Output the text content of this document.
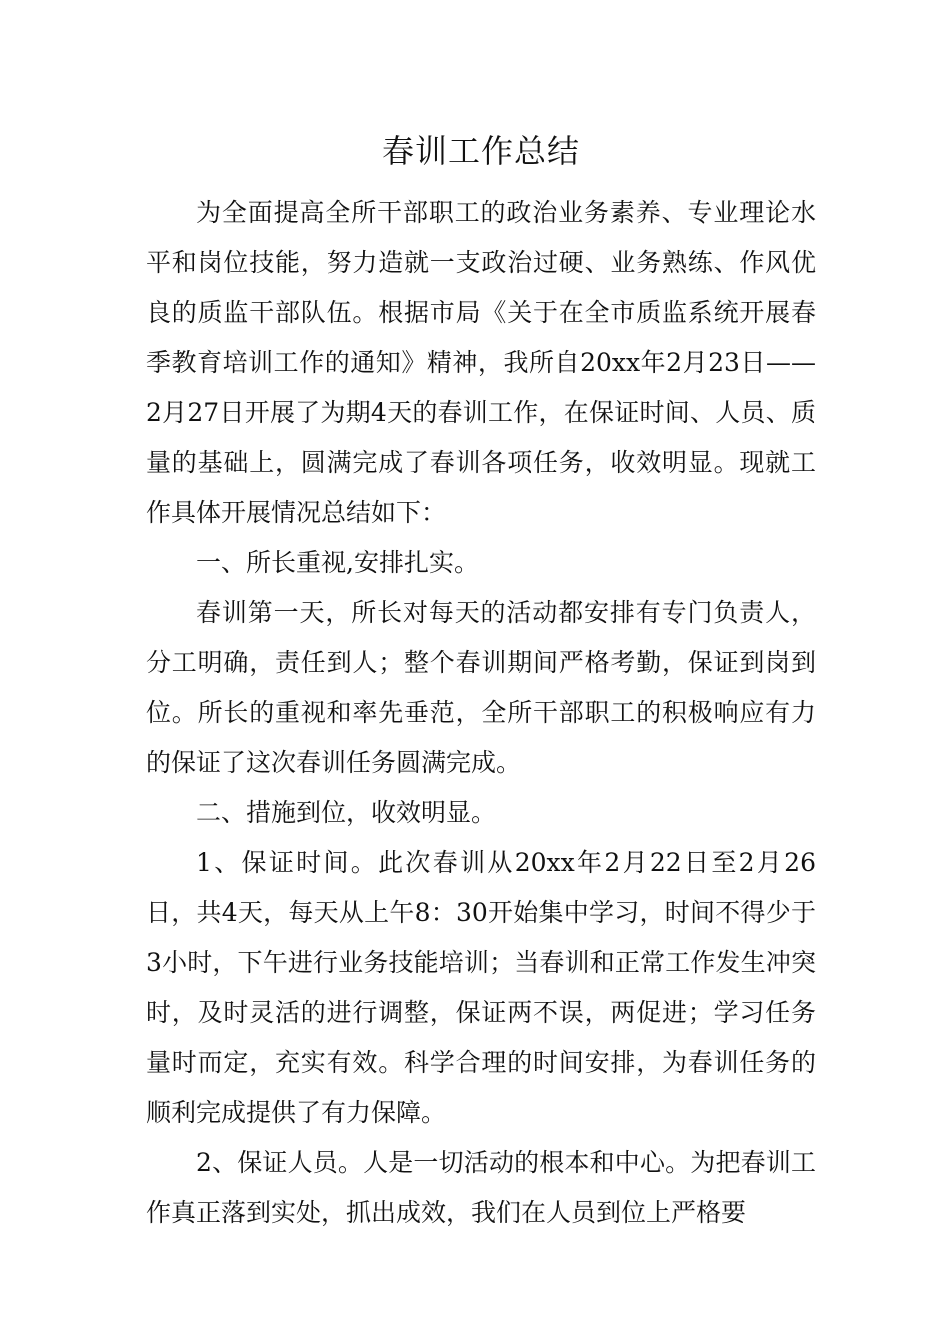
春训工作总结

为全面提高全所干部职工的政治业务素养、专业理论水平和岗位技能，努力造就一支政治过硬、业务熟练、作风优良的质监干部队伍。根据市局《关于在全市质监系统开展春季教育培训工作的通知》精神，我所自20xx年2月23日——2月27日开展了为期4天的春训工作，在保证时间、人员、质量的基础上，圆满完成了春训各项任务，收效明显。现就工作具体开展情况总结如下：

一、所长重视,安排扎实。

春训第一天，所长对每天的活动都安排有专门负责人，分工明确，责任到人；整个春训期间严格考勤，保证到岗到位。所长的重视和率先垂范，全所干部职工的积极响应有力的保证了这次春训任务圆满完成。

二、措施到位，收效明显。

1、保证时间。此次春训从20xx年2月22日至2月26日，共4天，每天从上午8：30开始集中学习，时间不得少于3小时，下午进行业务技能培训；当春训和正常工作发生冲突时，及时灵活的进行调整，保证两不误，两促进；学习任务量时而定，充实有效。科学合理的时间安排，为春训任务的顺利完成提供了有力保障。

2、保证人员。人是一切活动的根本和中心。为把春训工作真正落到实处，抓出成效，我们在人员到位上严格要
